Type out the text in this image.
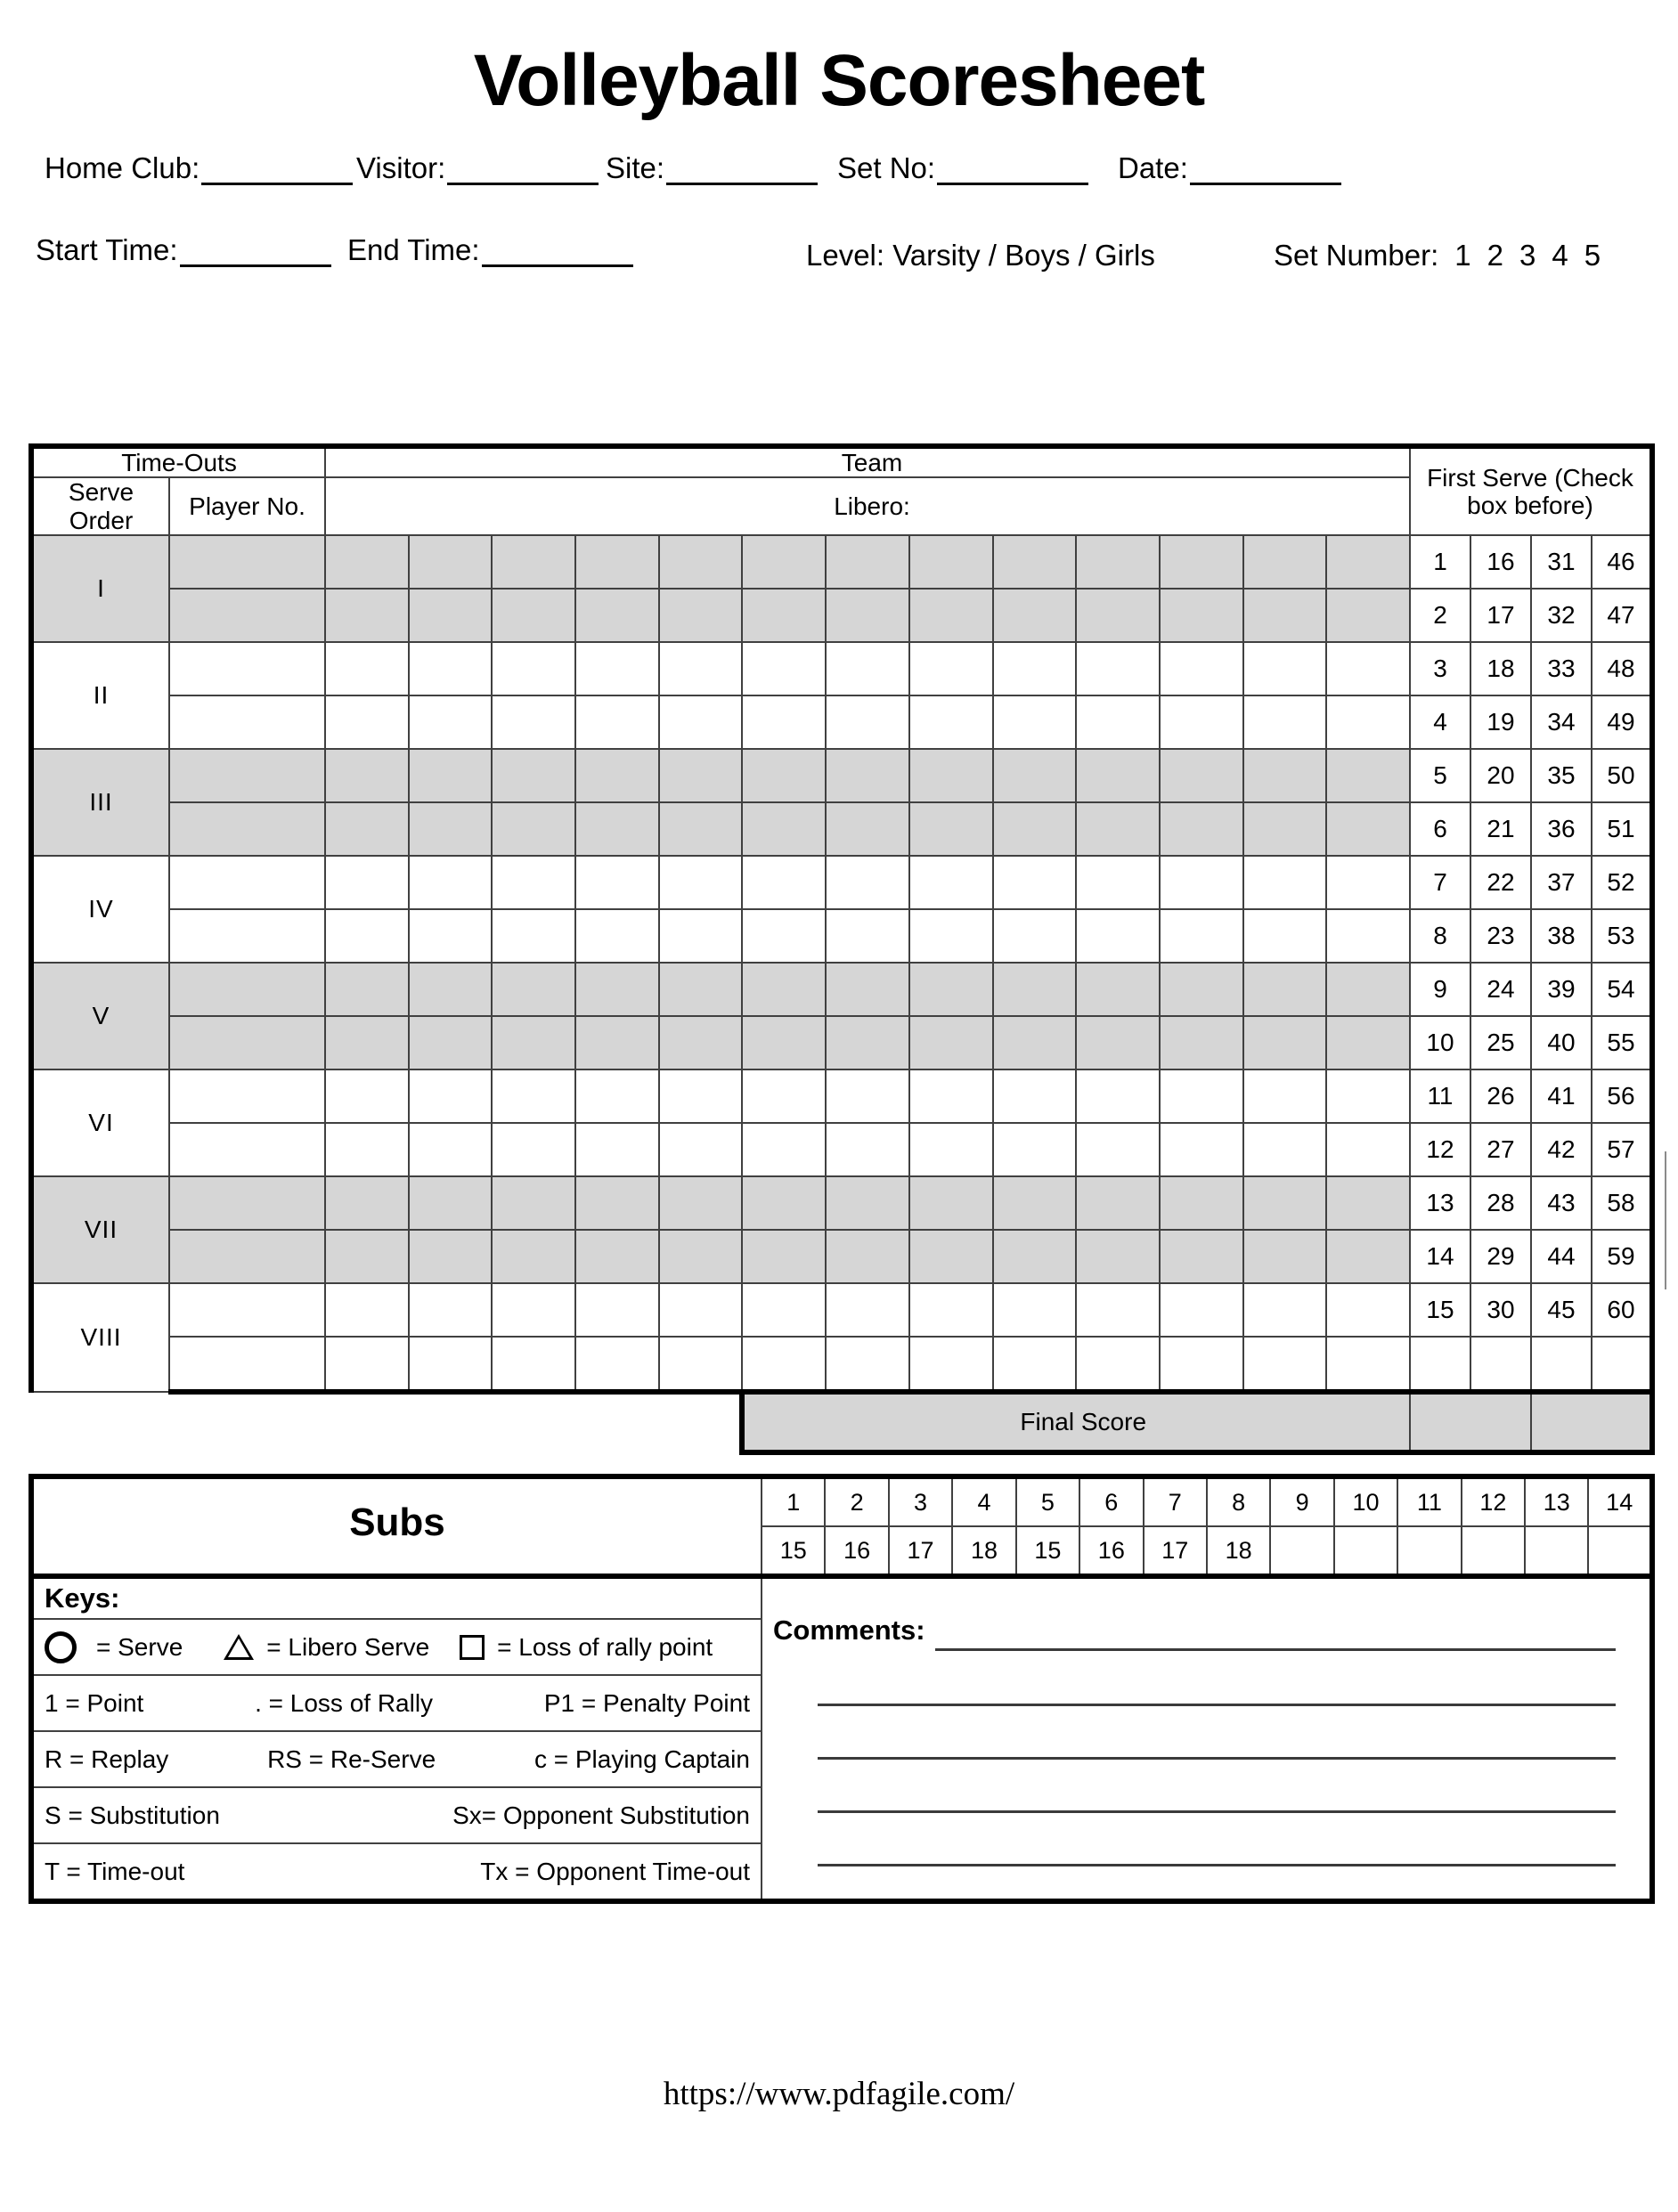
Volleyball Scoresheet
Home Club:	Visitor:	Site:	Set No:	Date:
Start Time:	End Time:	Level: Varsity / Boys / Girls	Set Number: 1 2 3 4 5
Time-Outs		Team													First Serve (Check box before)			
Serve Order	Player No.	Libero:																
I															1	16	31	46
															2	17	32	47
II															3	18	33	48
															4	19	34	49
III															5	20	35	50
															6	21	36	51
IV															7	22	37	52
															8	23	38	53
V															9	24	39	54
															10	25	40	55
VI															11	26	41	56
															12	27	42	57
VII															13	28	43	58
															14	29	44	59
VIII															15	30	45	60

							Final Score											
Subs	1	2	3	4	5	6	7	8	9	10	11	12	13	14
	15	16	17	18	15	16	17	18						
Keys:	Comments:													

= Serve = Libero Serve = Loss of rally point														

1 = Point . = Loss of Rally P1 = Penalty Point														

R = Replay RS = Re-Serve c = Playing Captain														

S = Substitution Sx= Opponent Substitution														

T = Time-out Tx = Opponent Time-out														
https://www.pdfagile.com/
